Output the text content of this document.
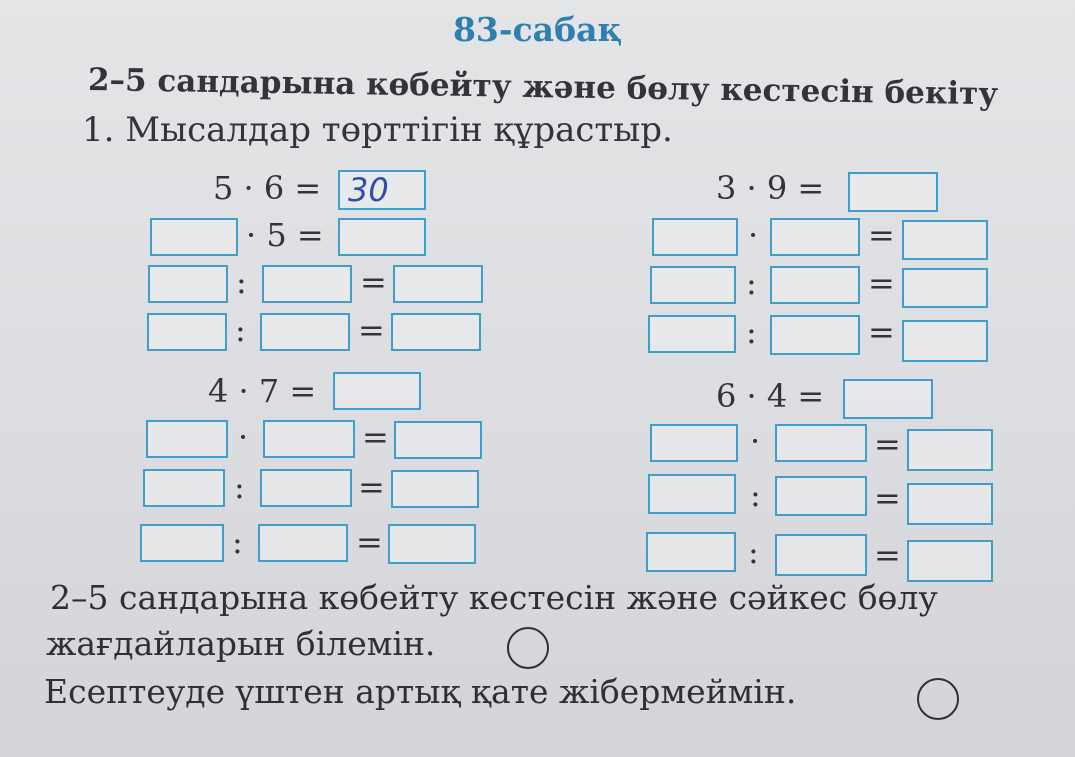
83-сабақ
2–5 сандарына көбейту және бөлу кестесін бекіту
1. Мысалдар төрттігін құрастыр.
5 · 6 = 30
· 5 =
:	=
:	=
3 · 9 =
·	=
:	=
:	=
4 · 7 =
·	=
:	=
:	=
6 · 4 =
·	=
:	=
:	=
2–5 сандарына көбейту кестесін және сәйкес бөлу
жағдайларын білемін.
Есептеуде үштен артық қате жібермеймін.
